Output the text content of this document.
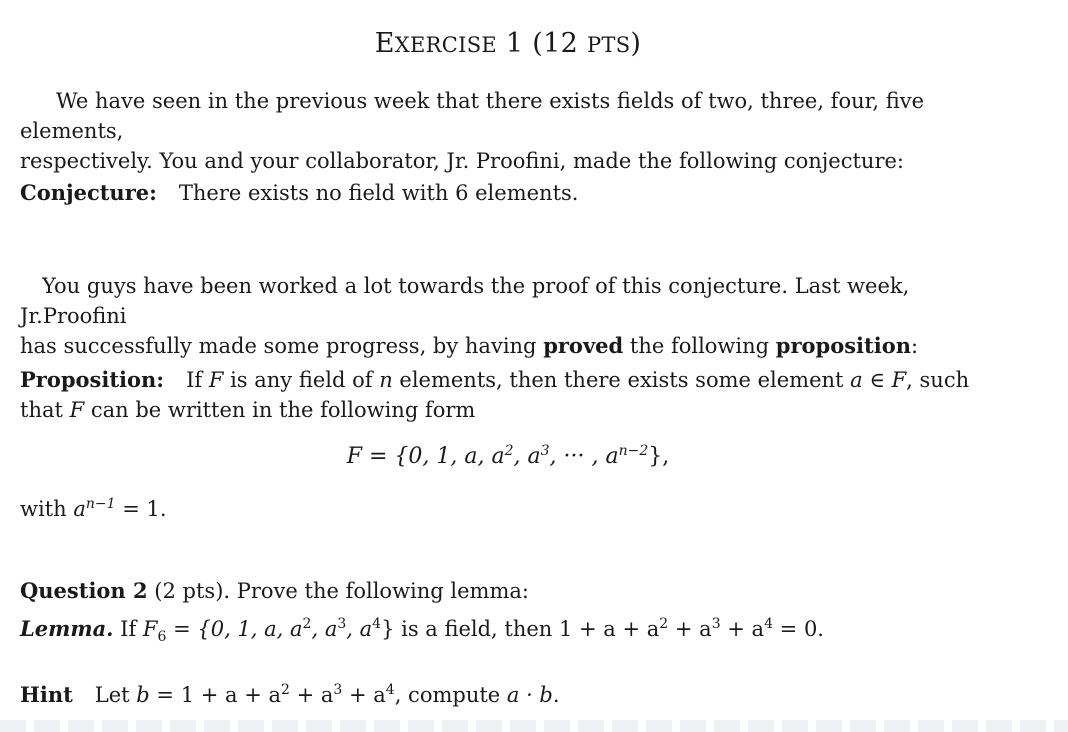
EXERCISE 1 (12 PTS)
We have seen in the previous week that there exists fields of two, three, four, five elements,
respectively. You and your collaborator, Jr. Proofini, made the following conjecture:
Conjecture: There exists no field with 6 elements.
You guys have been worked a lot towards the proof of this conjecture. Last week, Jr.Proofini
has successfully made some progress, by having proved the following proposition:
Proposition: If F is any field of n elements, then there exists some element a ∈ F, such
that F can be written in the following form
F = {0, 1, a, $a^2$, $a^3$, ··· , $a^{n-2}$},
with $a^{n-1} = 1$.
Question 2 (2 pts). Prove the following lemma:
Lemma. If $F_6 = \{0$, 1, a, $a^2$, $a^3$, $a^4$} is a field, then $1 + a + a^2 + a^3 + a^4 = 0$.
Hint Let $b = 1 + a + a^2 + a^3 + a^4$, compute a · b.
